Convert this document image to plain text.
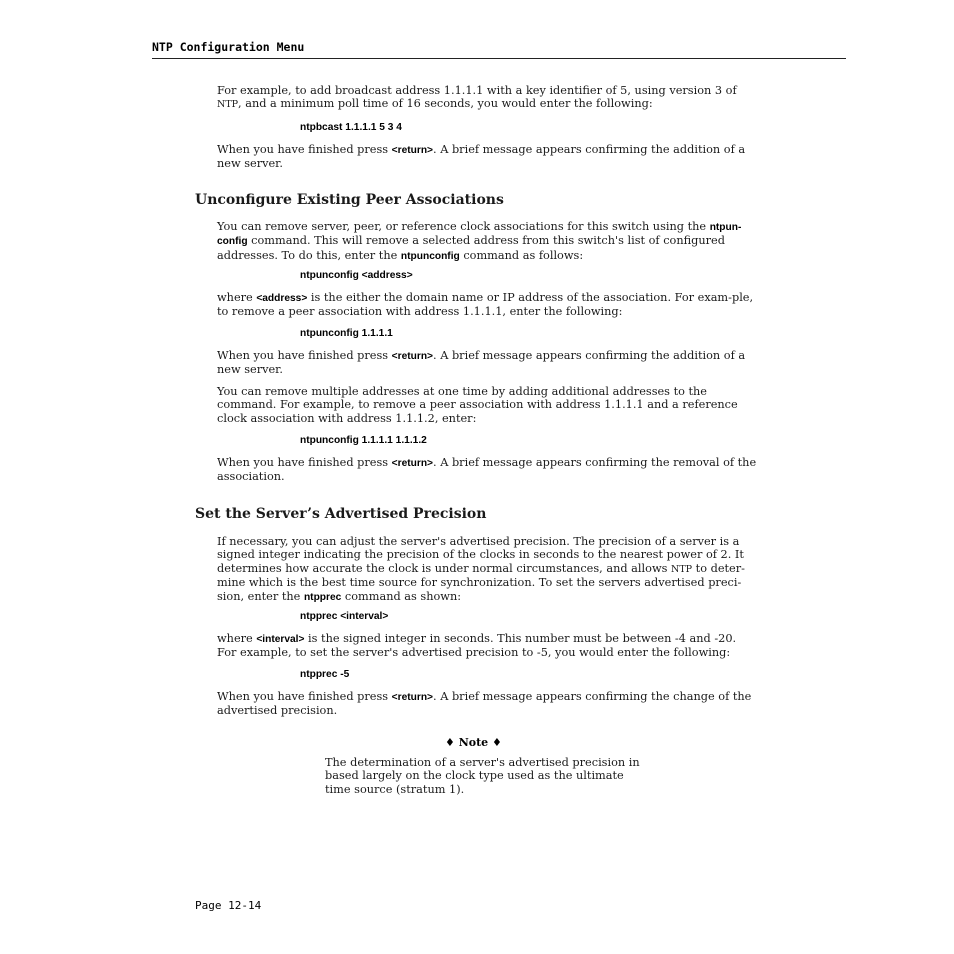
NTP Configuration Menu

For example, to add broadcast address 1.1.1.1 with a key identifier of 5, using version 3 of NTP, and a minimum poll time of 16 seconds, you would enter the following:

ntpbcast 1.1.1.1 5 3 4

When you have finished press <return>. A brief message appears confirming the addition of a new server.

Unconfigure Existing Peer Associations

You can remove server, peer, or reference clock associations for this switch using the ntpun-config command. This will remove a selected address from this switch's list of configured addresses. To do this, enter the ntpunconfig command as follows:

ntpunconfig <address>

where <address> is the either the domain name or IP address of the association. For exam-ple, to remove a peer association with address 1.1.1.1, enter the following:

ntpunconfig 1.1.1.1

When you have finished press <return>. A brief message appears confirming the addition of a new server.

You can remove multiple addresses at one time by adding additional addresses to the command. For example, to remove a peer association with address 1.1.1.1 and a reference clock association with address 1.1.1.2, enter:

ntpunconfig 1.1.1.1 1.1.1.2

When you have finished press <return>. A brief message appears confirming the removal of the association.

Set the Server’s Advertised Precision

If necessary, you can adjust the server's advertised precision. The precision of a server is a signed integer indicating the precision of the clocks in seconds to the nearest power of 2. It determines how accurate the clock is under normal circumstances, and allows NTP to deter-mine which is the best time source for synchronization. To set the servers advertised preci-sion, enter the ntpprec command as shown:

ntpprec <interval>

where <interval> is the signed integer in seconds. This number must be between -4 and -20. For example, to set the server's advertised precision to -5, you would enter the following:

ntpprec -5

When you have finished press <return>. A brief message appears confirming the change of the advertised precision.

♦ Note ♦

The determination of a server's advertised precision in based largely on the clock type used as the ultimate time source (stratum 1).

Page 12-14
